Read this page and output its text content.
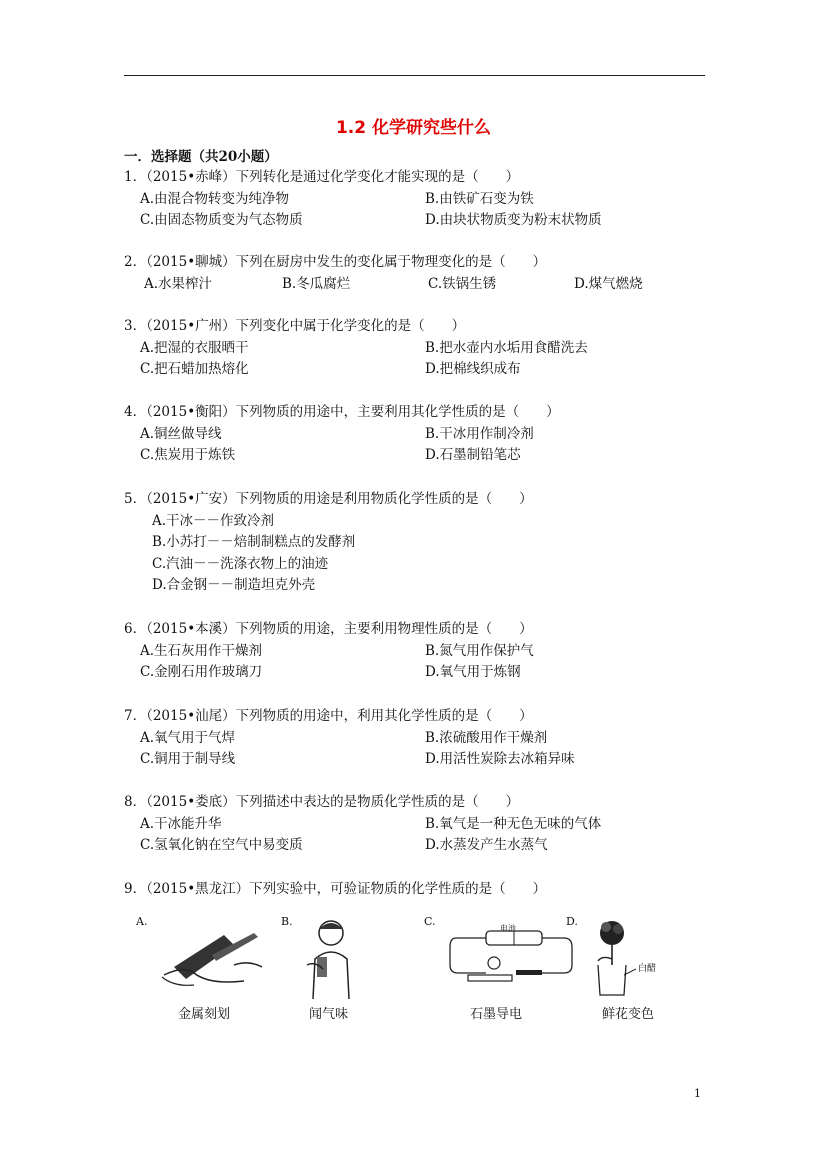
1.2 化学研究些什么
一．选择题（共20小题）
1．（2015•赤峰）下列转化是通过化学变化才能实现的是（　　）
A.由混合物转变为纯净物	B.由铁矿石变为铁
C.由固态物质变为气态物质	D.由块状物质变为粉末状物质
2．（2015•聊城）下列在厨房中发生的变化属于物理变化的是（　　）
A.水果榨汁	B.冬瓜腐烂	C.铁锅生锈	D.煤气燃烧
3．（2015•广州）下列变化中属于化学变化的是（　　）
A.把湿的衣服晒干	B.把水壶内水垢用食醋洗去
C.把石蜡加热熔化	D.把棉线织成布
4．（2015•衡阳）下列物质的用途中，主要利用其化学性质的是（　　）
A.铜丝做导线	B.干冰用作制冷剂
C.焦炭用于炼铁	D.石墨制铅笔芯
5．（2015•广安）下列物质的用途是利用物质化学性质的是（　　）
A.干冰－－作致冷剂
B.小苏打－－焙制制糕点的发酵剂
C.汽油－－洗涤衣物上的油迹
D.合金钢－－制造坦克外壳
6．（2015•本溪）下列物质的用途，主要利用物理性质的是（　　）
A.生石灰用作干燥剂	B.氮气用作保护气
C.金刚石用作玻璃刀	D.氧气用于炼钢
7．（2015•汕尾）下列物质的用途中，利用其化学性质的是（　　）
A.氧气用于气焊	B.浓硫酸用作干燥剂
C.铜用于制导线	D.用活性炭除去冰箱异味
8．（2015•娄底）下列描述中表达的是物质化学性质的是（　　）
A.干冰能升华	B.氧气是一种无色无味的气体
C.氢氧化钠在空气中易变质	D.水蒸发产生水蒸气
9．（2015•黑龙江）下列实验中，可验证物质的化学性质的是（　　）
A.
金属刻划
B.
闻气味
C.
电池
石墨导电
D.
白醋
鲜花变色
1
